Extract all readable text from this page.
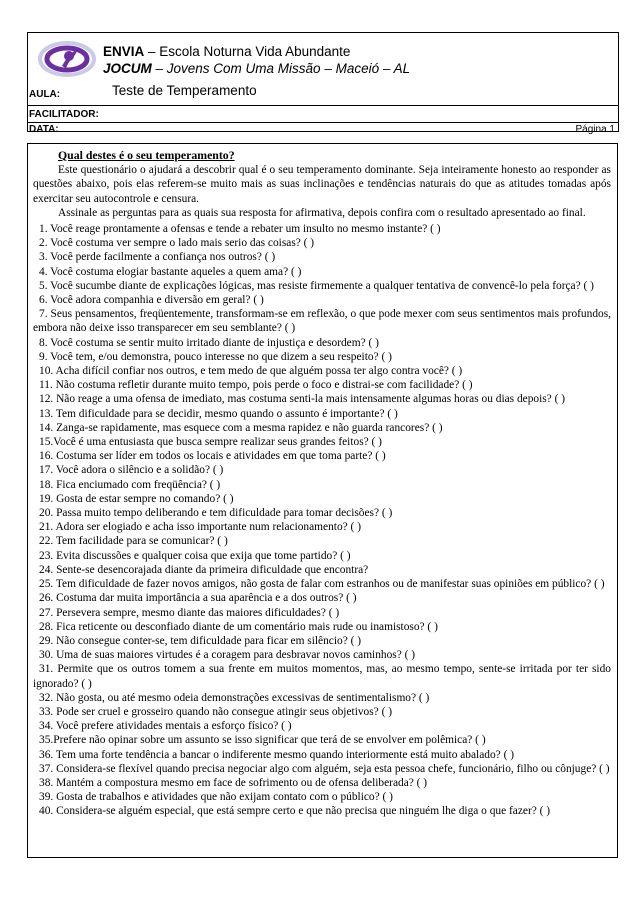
ENVIA – Escola Noturna Vida Abundante
JOCUM – Jovens Com Uma Missão – Maceió – AL
AULA:	Teste de Temperamento
FACILITADOR:
DATA:	Página 1

Qual destes é o seu temperamento?

Este questionário o ajudará a descobrir qual é o seu temperamento dominante. Seja inteiramente honesto ao responder as questões abaixo, pois elas referem-se muito mais as suas inclinações e tendências naturais do que as atitudes tomadas após exercitar seu autocontrole e censura.

Assinale as perguntas para as quais sua resposta for afirmativa, depois confira com o resultado apresentado ao final.

1. Você reage prontamente a ofensas e tende a rebater um insulto no mesmo instante? ( )
2. Você costuma ver sempre o lado mais serio das coisas? ( )
3. Você perde facilmente a confiança nos outros? ( )
4. Você costuma elogiar bastante aqueles a quem ama? ( )
5. Você sucumbe diante de explicações lógicas, mas resiste firmemente a qualquer tentativa de convencê-lo pela força? ( )
6. Você adora companhia e diversão em geral? ( )
7. Seus pensamentos, freqüentemente, transformam-se em reflexão, o que pode mexer com seus sentimentos mais profundos, embora não deixe isso transparecer em seu semblante? ( )
8. Você costuma se sentir muito irritado diante de injustiça e desordem? ( )
9. Você tem, e/ou demonstra, pouco interesse no que dizem a seu respeito? ( )
10. Acha difícil confiar nos outros, e tem medo de que alguém possa ter algo contra você? ( )
11. Não costuma refletir durante muito tempo, pois perde o foco e distrai-se com facilidade? ( )
12. Não reage a uma ofensa de imediato, mas costuma senti-la mais intensamente algumas horas ou dias depois? ( )
13. Tem dificuldade para se decidir, mesmo quando o assunto é importante? ( )
14. Zanga-se rapidamente, mas esquece com a mesma rapidez e não guarda rancores? ( )
15.Você é uma entusiasta que busca sempre realizar seus grandes feitos? ( )
16. Costuma ser líder em todos os locais e atividades em que toma parte? ( )
17. Você adora o silêncio e a solidão? ( )
18. Fica enciumado com freqüência? ( )
19. Gosta de estar sempre no comando? ( )
20. Passa muito tempo deliberando e tem dificuldade para tomar decisões? ( )
21. Adora ser elogiado e acha isso importante num relacionamento? ( )
22. Tem facilidade para se comunicar? ( )
23. Evita discussões e qualquer coisa que exija que tome partido? ( )
24. Sente-se desencorajada diante da primeira dificuldade que encontra?
25. Tem dificuldade de fazer novos amigos, não gosta de falar com estranhos ou de manifestar suas opiniões em público? ( )
26. Costuma dar muita importância a sua aparência e a dos outros? ( )
27. Persevera sempre, mesmo diante das maiores dificuldades? ( )
28. Fica reticente ou desconfiado diante de um comentário mais rude ou inamistoso? ( )
29. Não consegue conter-se, tem dificuldade para ficar em silêncio? ( )
30. Uma de suas maiores virtudes é a coragem para desbravar novos caminhos? ( )
31. Permite que os outros tomem a sua frente em muitos momentos, mas, ao mesmo tempo, sente-se irritada por ter sido ignorado? ( )
32. Não gosta, ou até mesmo odeia demonstrações excessivas de sentimentalismo? ( )
33. Pode ser cruel e grosseiro quando não consegue atingir seus objetivos? ( )
34. Você prefere atividades mentais a esforço físico? ( )
35.Prefere não opinar sobre um assunto se isso significar que terá de se envolver em polêmica? ( )
36. Tem uma forte tendência a bancar o indiferente mesmo quando interiormente está muito abalado? ( )
37. Considera-se flexível quando precisa negociar algo com alguém, seja esta pessoa chefe, funcionário, filho ou cônjuge? ( )
38. Mantém a compostura mesmo em face de sofrimento ou de ofensa deliberada? ( )
39. Gosta de trabalhos e atividades que não exijam contato com o público? ( )
40. Considera-se alguém especial, que está sempre certo e que não precisa que ninguém lhe diga o que fazer? ( )
